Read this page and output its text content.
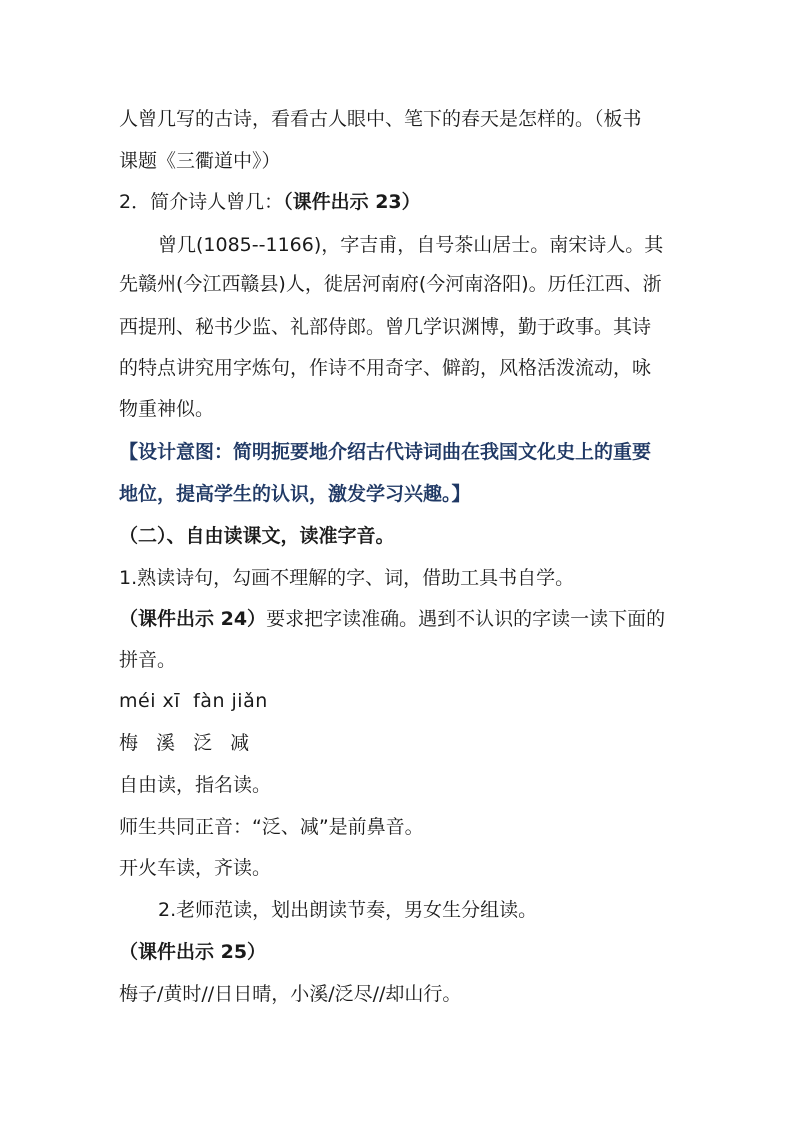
人曾几写的古诗，看看古人眼中、笔下的春天是怎样的。（板书
课题《三衢道中》）
2．简介诗人曾几：（课件出示 23）
曾几(1085--1166)，字吉甫，自号茶山居士。南宋诗人。其
先赣州(今江西赣县)人，徙居河南府(今河南洛阳)。历任江西、浙
西提刑、秘书少监、礼部侍郎。曾几学识渊博，勤于政事。其诗
的特点讲究用字炼句，作诗不用奇字、僻韵，风格活泼流动，咏
物重神似。
【设计意图：简明扼要地介绍古代诗词曲在我国文化史上的重要
地位，提高学生的认识，激发学习兴趣。】
（二）、自由读课文，读准字音。
1.熟读诗句，勾画不理解的字、词，借助工具书自学。
（课件出示 24）要求把字读准确。遇到不认识的字读一读下面的
拼音。
méi xī  fàn jiǎn
梅 溪 泛 减
自由读，指名读。
师生共同正音：“泛、减”是前鼻音。
开火车读，齐读。
2.老师范读，划出朗读节奏，男女生分组读。
（课件出示 25）
梅子/黄时//日日晴，小溪/泛尽//却山行。
